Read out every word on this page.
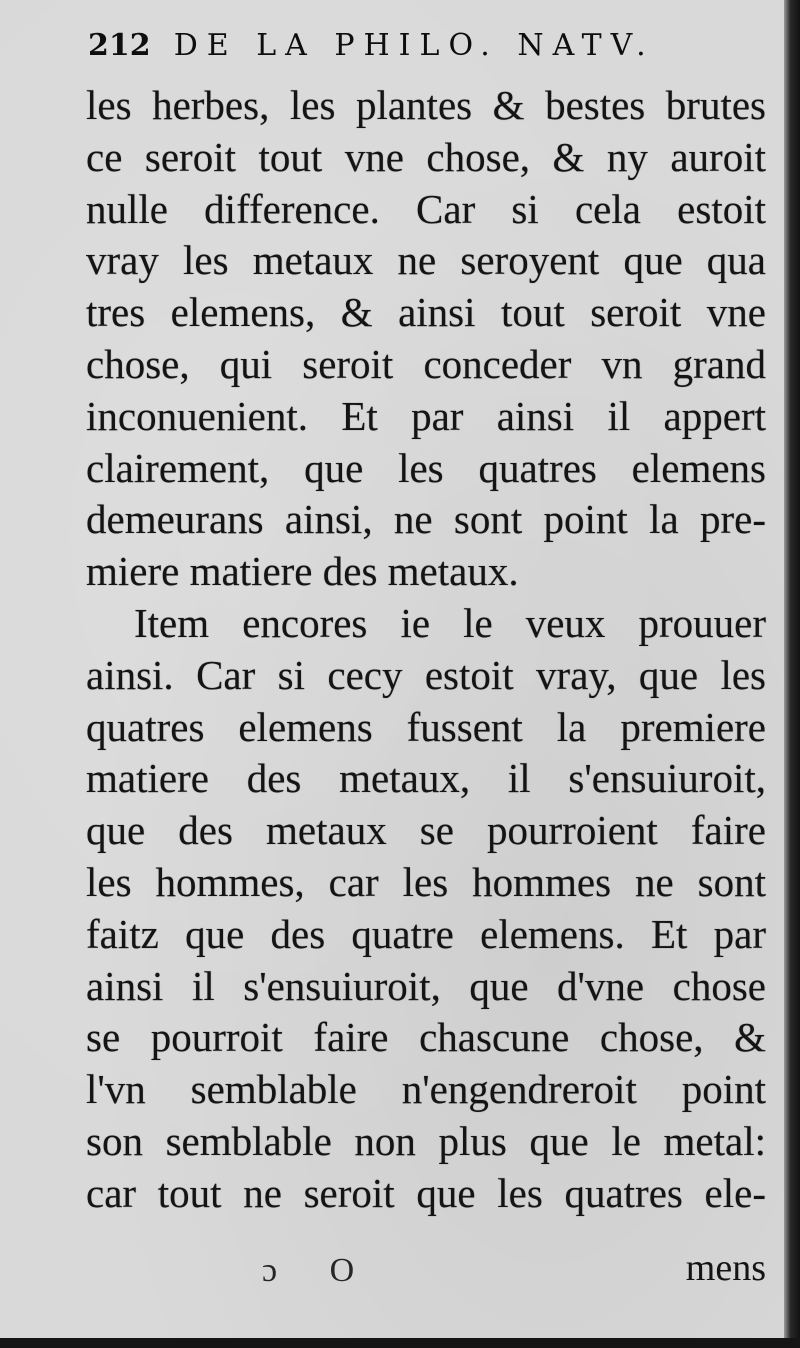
212 DE LA PHILO. NATV.
les herbes, les plantes & bestes brutes
ce seroit tout vne chose, & ny auroit
nulle difference. Car si cela estoit
vray les metaux ne seroyent que qua
tres elemens, & ainsi tout seroit vne
chose, qui seroit conceder vn grand
inconuenient. Et par ainsi il appert
clairement, que les quatres elemens
demeurans ainsi, ne sont point la pre-
miere matiere des metaux.
Item encores ie le veux prouuer
ainsi. Car si cecy estoit vray, que les
quatres elemens fussent la premiere
matiere des metaux, il s'ensuiuroit,
que des metaux se pourroient faire
les hommes, car les hommes ne sont
faitz que des quatre elemens. Et par
ainsi il s'ensuiuroit, que d'vne chose
se pourroit faire chascune chose, &
l'vn semblable n'engendreroit point
son semblable non plus que le metal:
car tout ne seroit que les quatres ele-
ɔ O	mens
